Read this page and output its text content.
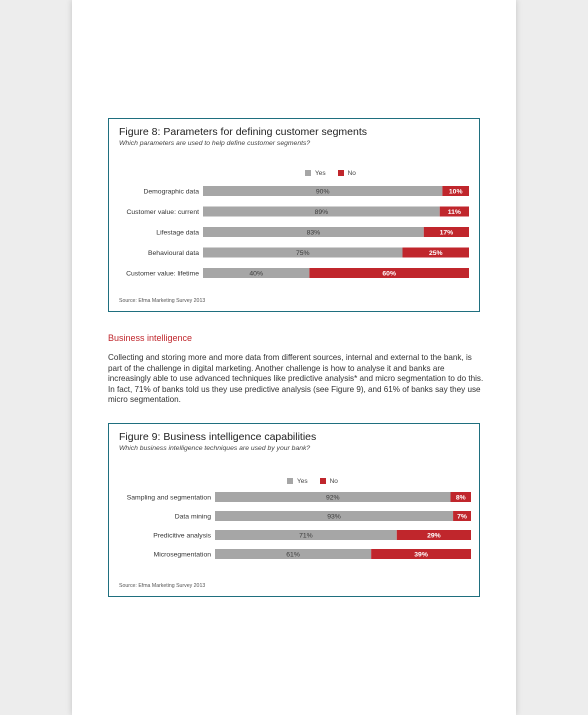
Figure 8: Parameters for defining customer segments
Which parameters are used to help define customer segments?
Yes	No
Demographic data	90%	10%
Customer value: current	89%	11%
Lifestage data	83%	17%
Behavioural data	75%	25%
Customer value: lifetime	40%	60%
Source: Efma Marketing Survey 2013
Business intelligence
Collecting and storing more and more data from different sources, internal and external to the bank, is part of the challenge in digital marketing. Another challenge is how to analyse it and banks are increasingly able to use advanced techniques like predictive analysis* and micro segmentation to do this. In fact, 71% of banks told us they use predictive analysis (see Figure 9), and 61% of banks say they use micro segmentation.
Figure 9: Business intelligence capabilities
Which business intelligence techniques are used by your bank?
Yes	No
Sampling and segmentation	92%	8%
Data mining	93%	7%
Predicitive analysis	71%	29%
Microsegmentation	61%	39%
Source: Efma Marketing Survey 2013
